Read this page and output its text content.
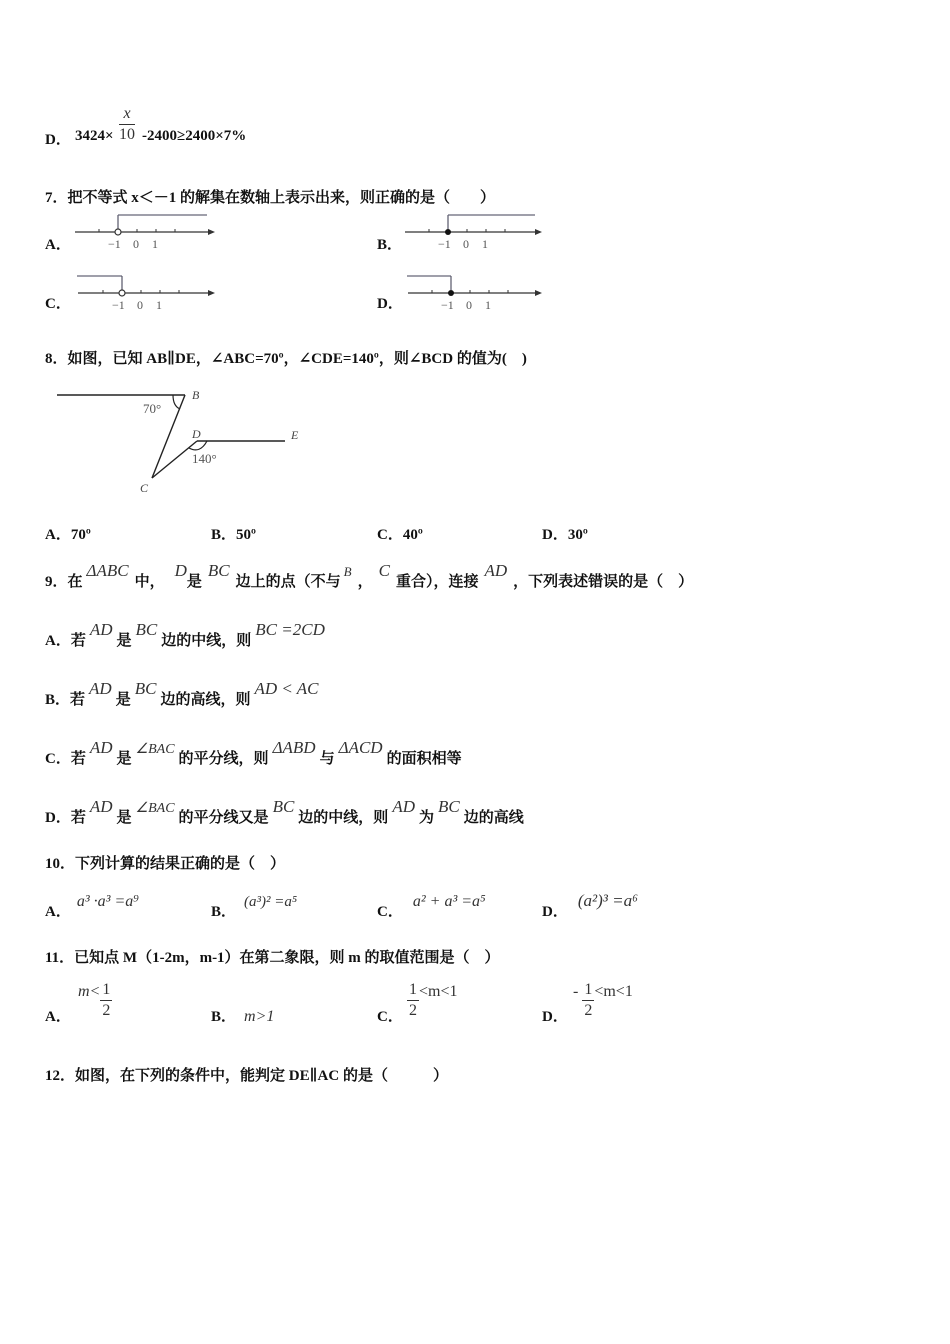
D． $3424\times \frac{x}{10} -2400\ge 2400\times 7\%$
7．把不等式 x＜－1 的解集在数轴上表示出来，则正确的是（　　）
A．	−1 0 1	B．	−1 0 1
C．	−1 0 1	D．	−1 0 1
8．如图，已知 AB∥DE，∠ABC=70º，∠CDE=140º，则∠BCD 的值为(　)
B
70°
D	E
140°
C
A．70º	B．50º	C．40º	D．30º
9．在ΔABC中，D是BC边上的点（不与B，C重合），连接AD，下列表述错误的是（　）
A．若AD是BC边的中线，则BC =2CD
B．若AD是BC边的高线，则AD < AC
C．若AD是∠BAC的平分线，则ΔABD与ΔACD的面积相等
D．若AD是∠BAC的平分线又是BC边的中线，则AD为BC边的高线
10．下列计算的结果正确的是（　）
A．a³ ·a³ =a⁹
B．(a³)² =a⁵
C．a² + a³ =a⁵
D．(a²)³ =a⁶
11．已知点 M（1-2m，m-1）在第二象限，则 m 的取值范围是（　）
A．
$m< \frac{1}{2}$	B． m>1	C． $\frac{1}{2} <m<1$
D．
- $\frac{1}{2} <m<1$
12．如图，在下列的条件中，能判定 DE∥AC 的是（　　　）
